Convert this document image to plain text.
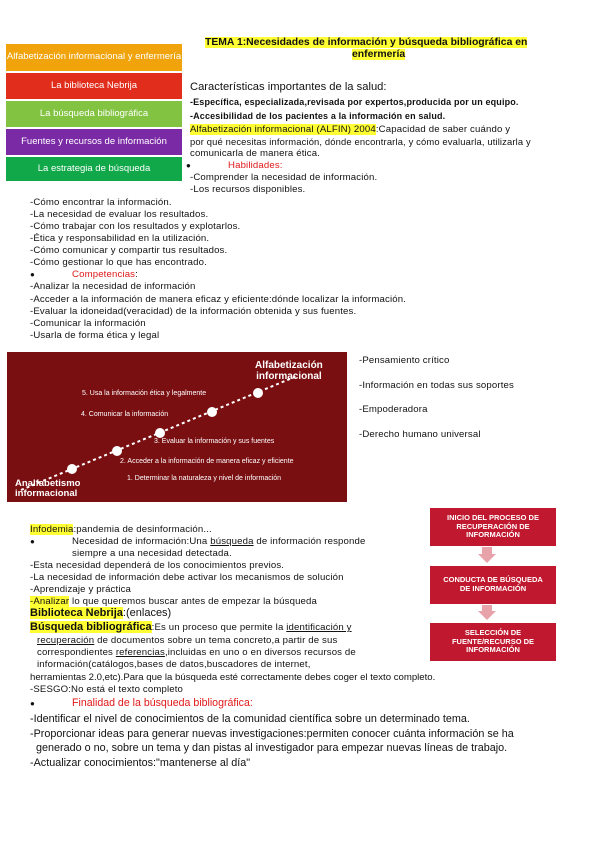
Alfabetización informacional y enfermería
La biblioteca Nebrija
La búsqueda bibliográfica
Fuentes y recursos de información
La estrategia de búsqueda
TEMA 1:Necesidades de información y búsqueda bibliográfica en
enfermería
Características importantes de la salud:
-Específica, especializada,revisada por expertos,producida por un equipo.
-Accesibilidad de los pacientes a la información en salud.
Alfabetización informacional (ALFIN) 2004:Capacidad de saber cuándo y
por qué necesitas información, dónde encontrarla, y cómo evaluarla, utilizarla y
comunicarla de manera ética.
●	Habilidades:
-Comprender la necesidad de información.
-Los recursos disponibles.
-Cómo encontrar la información.
-La necesidad de evaluar los resultados.
-Cómo trabajar con los resultados y explotarlos.
-Ética y responsabilidad en la utilización.
-Cómo comunicar y compartir tus resultados.
-Cómo gestionar lo que has encontrado.
●	Competencias:
-Analizar la necesidad de información
-Acceder a la información de manera eficaz y eficiente:dónde localizar la información.
-Evaluar la idoneidad(veracidad) de la información obtenida y sus fuentes.
-Comunicar la información
-Usarla de forma ética y legal
Alfabetización
informacional
Analfabetismo
informacional
1. Determinar la naturaleza y nivel de información
2. Acceder a la información de manera eficaz y eficiente
3. Evaluar la información y sus fuentes
4. Comunicar la información
5. Usa la información ética y legalmente
-Pensamiento crítico
-Información en todas sus soportes
-Empoderadora
-Derecho humano universal
Infodemia:pandemia de desinformación...
●	Necesidad de información:Una búsqueda de información responde
siempre a una necesidad detectada.
-Esta necesidad dependerá de los conocimientos previos.
-La necesidad de información debe activar los mecanismos de solución
-Aprendizaje y práctica
-Analizar lo que queremos buscar antes de empezar la búsqueda
INICIO DEL PROCESO DE RECUPERACIÓN DE INFORMACIÓN
CONDUCTA DE BÚSQUEDA DE INFORMACIÓN
SELECCIÓN DE FUENTE/RECURSO DE INFORMACIÓN
Biblioteca Nebrija:(enlaces)
Búsqueda bibliográfica:Es un proceso que permite la identificación y
recuperación de documentos sobre un tema concreto,a partir de sus
correspondientes referencias,incluidas en uno o en diversos recursos de
información(catálogos,bases de datos,buscadores de internet,
herramientas 2.0,etc).Para que la búsqueda esté correctamente debes coger el texto completo.
-SESGO:No está el texto completo
●	Finalidad de la búsqueda bibliográfica:
-Identificar el nivel de conocimientos de la comunidad científica sobre un determinado tema.
-Proporcionar ideas para generar nuevas investigaciones:permiten conocer cuánta información se ha
generado o no, sobre un tema y dan pistas al investigador para empezar nuevas líneas de trabajo.
-Actualizar conocimientos:"mantenerse al día"
